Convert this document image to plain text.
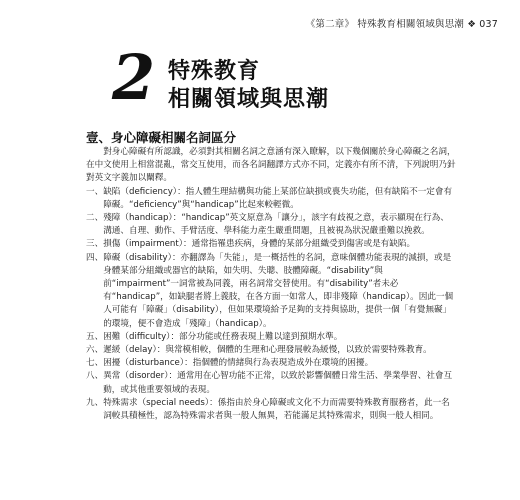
《第二章》 特殊教育相關領域與思潮 ❖ 037
2 特殊教育
相關領域與思潮
壹、身心障礙相關名詞區分

對身心障礙有所認識，必須對其相關名詞之意涵有深入瞭解，以下幾個關於身心障礙之名詞，在中文使用上相當混亂，常交互使用，而各名詞翻譯方式亦不同，定義亦有所不清，下列說明乃針對英文字義加以闡釋。

一、 缺陷（deficiency）：指人體生理結構與功能上某部位缺損或喪失功能，但有缺陷不一定會有障礙。“deficiency”與“handicap”比起來較輕微。

二、 殘障（handicap）：“handicap”英文原意為「讓分」，該字有歧視之意，表示顯現在行為、溝通、自理、動作、手臂活度、學科能力產生嚴重問題，且被視為狀況嚴重難以挽救。

三、 損傷（impairment）：通常指罹患疾病，身體的某部分組織受到傷害或是有缺陷。

四、 障礙（disability）：亦翻譯為「失能」，是一概括性的名詞，意味個體功能表現的減損，或是身體某部分組織或器官的缺陷，如失明、失聰、肢體障礙。“disability”與前“impairment”一詞常被為同義，兩名詞常交替使用。有“disability”者未必有“handicap”，如缺腿者將上義肢，在各方面一如常人，即非殘障（handicap）。因此一個人可能有「障礙」（disability），但如果環境給予足夠的支持與協助，提供一個「有覺無礙」的環境，便不會造成「殘障」（handicap）。

五、 困難（difficulty）：部分功能或任務表現上難以達到預期水準。

六、 遲緩（delay）：與常模相較，個體的生理和心理發展較為緩慢，以致於需要特殊教育。

七、 困擾（disturbance）：指個體的情緒與行為表現造成外在環境的困擾。

八、 異常（disorder）：通常用在心智功能不正常，以致於影響個體日常生活、學業學習、社會互動，或其他重要領域的表現。

九、 特殊需求（special needs）：係指由於身心障礙或文化不力而需要特殊教育服務者，此一名詞較具積極性，認為特殊需求者與一般人無異，若能滿足其特殊需求，則與一般人相同。
